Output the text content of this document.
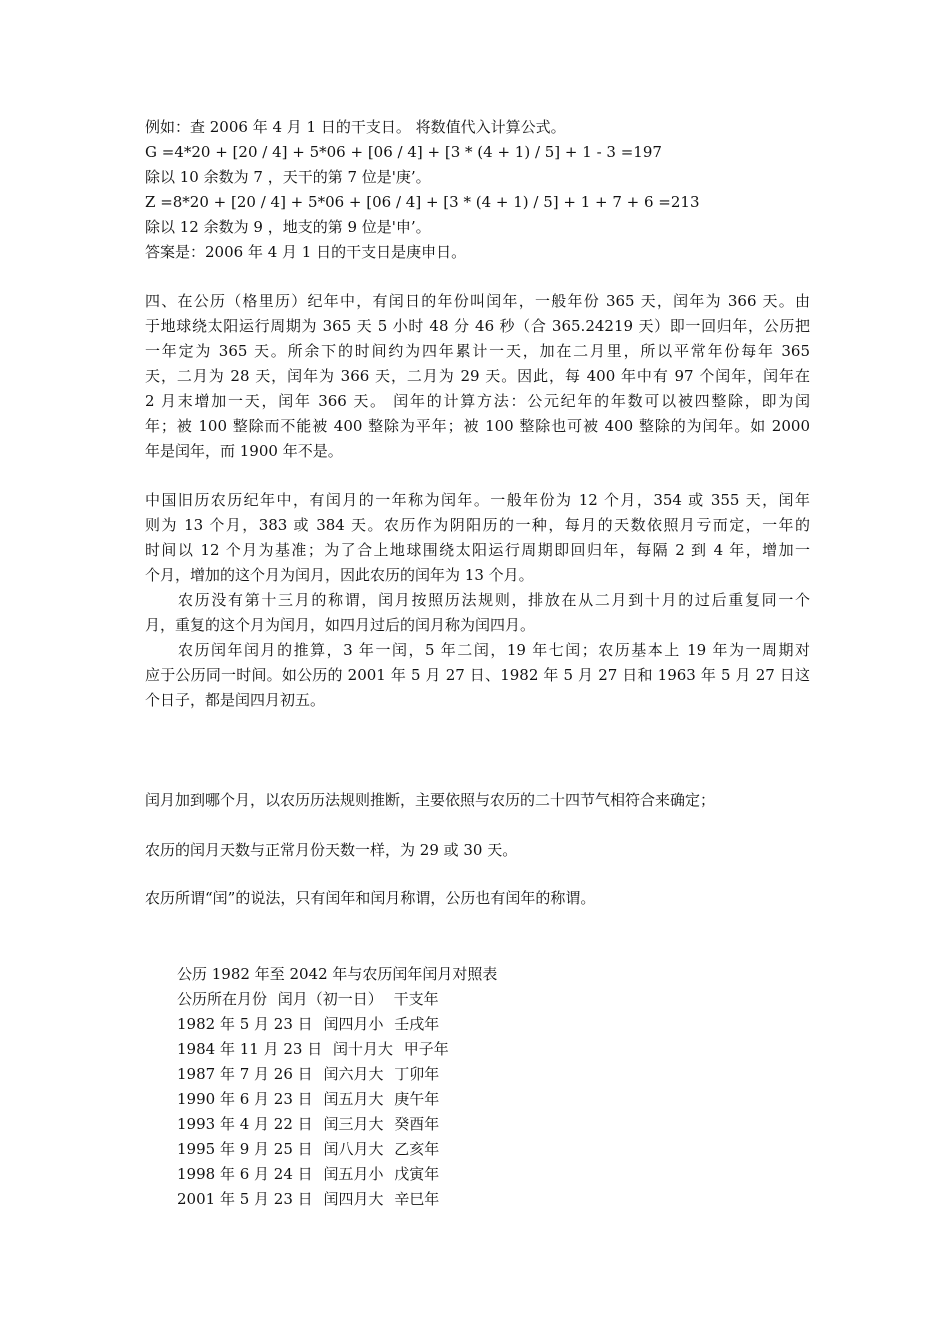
例如：查 2006 年 4 月 1 日的干支日。 将数值代入计算公式。
G =4*20 + [20 / 4] + 5*06 + [06 / 4] + [3 * (4 + 1) / 5] + 1 - 3 =197
除以 10 余数为 7 ，天干的第 7 位是'庚’。
Z =8*20 + [20 / 4] + 5*06 + [06 / 4] + [3 * (4 + 1) / 5] + 1 + 7 + 6 =213
除以 12 余数为 9 ，地支的第 9 位是'申’。
答案是：2006 年 4 月 1 日的干支日是庚申日。
四、在公历（格里历）纪年中，有闰日的年份叫闰年，一般年份 365 天，闰年为 366 天。由
于地球绕太阳运行周期为 365 天 5 小时 48 分 46 秒（合 365.24219 天）即一回归年，公历把
一年定为 365 天。所余下的时间约为四年累计一天，加在二月里，所以平常年份每年 365
天，二月为 28 天，闰年为 366 天，二月为 29 天。因此，每 400 年中有 97 个闰年，闰年在
2 月末增加一天，闰年 366 天。 闰年的计算方法：公元纪年的年数可以被四整除，即为闰
年；被 100 整除而不能被 400 整除为平年；被 100 整除也可被 400 整除的为闰年。如 2000
年是闰年，而 1900 年不是。
中国旧历农历纪年中，有闰月的一年称为闰年。一般年份为 12 个月，354 或 355 天，闰年
则为 13 个月，383 或 384 天。农历作为阴阳历的一种，每月的天数依照月亏而定，一年的
时间以 12 个月为基准；为了合上地球围绕太阳运行周期即回归年，每隔 2 到 4 年，增加一
个月，增加的这个月为闰月，因此农历的闰年为 13 个月。
农历没有第十三月的称谓，闰月按照历法规则，排放在从二月到十月的过后重复同一个
月，重复的这个月为闰月，如四月过后的闰月称为闰四月。
农历闰年闰月的推算，3 年一闰，5 年二闰，19 年七闰；农历基本上 19 年为一周期对
应于公历同一时间。如公历的 2001 年 5 月 27 日、1982 年 5 月 27 日和 1963 年 5 月 27 日这
个日子，都是闰四月初五。
闰月加到哪个月，以农历历法规则推断，主要依照与农历的二十四节气相符合来确定；
农历的闰月天数与正常月份天数一样，为 29 或 30 天。
农历所谓“闰”的说法，只有闰年和闰月称谓，公历也有闰年的称谓。
公历 1982 年至 2042 年与农历闰年闰月对照表
公历所在月份 闰月（初一日） 干支年
1982 年 5 月 23 日 闰四月小 壬戌年
1984 年 11 月 23 日 闰十月大 甲子年
1987 年 7 月 26 日 闰六月大 丁卯年
1990 年 6 月 23 日 闰五月大 庚午年
1993 年 4 月 22 日 闰三月大 癸酉年
1995 年 9 月 25 日 闰八月大 乙亥年
1998 年 6 月 24 日 闰五月小 戊寅年
2001 年 5 月 23 日 闰四月大 辛巳年
